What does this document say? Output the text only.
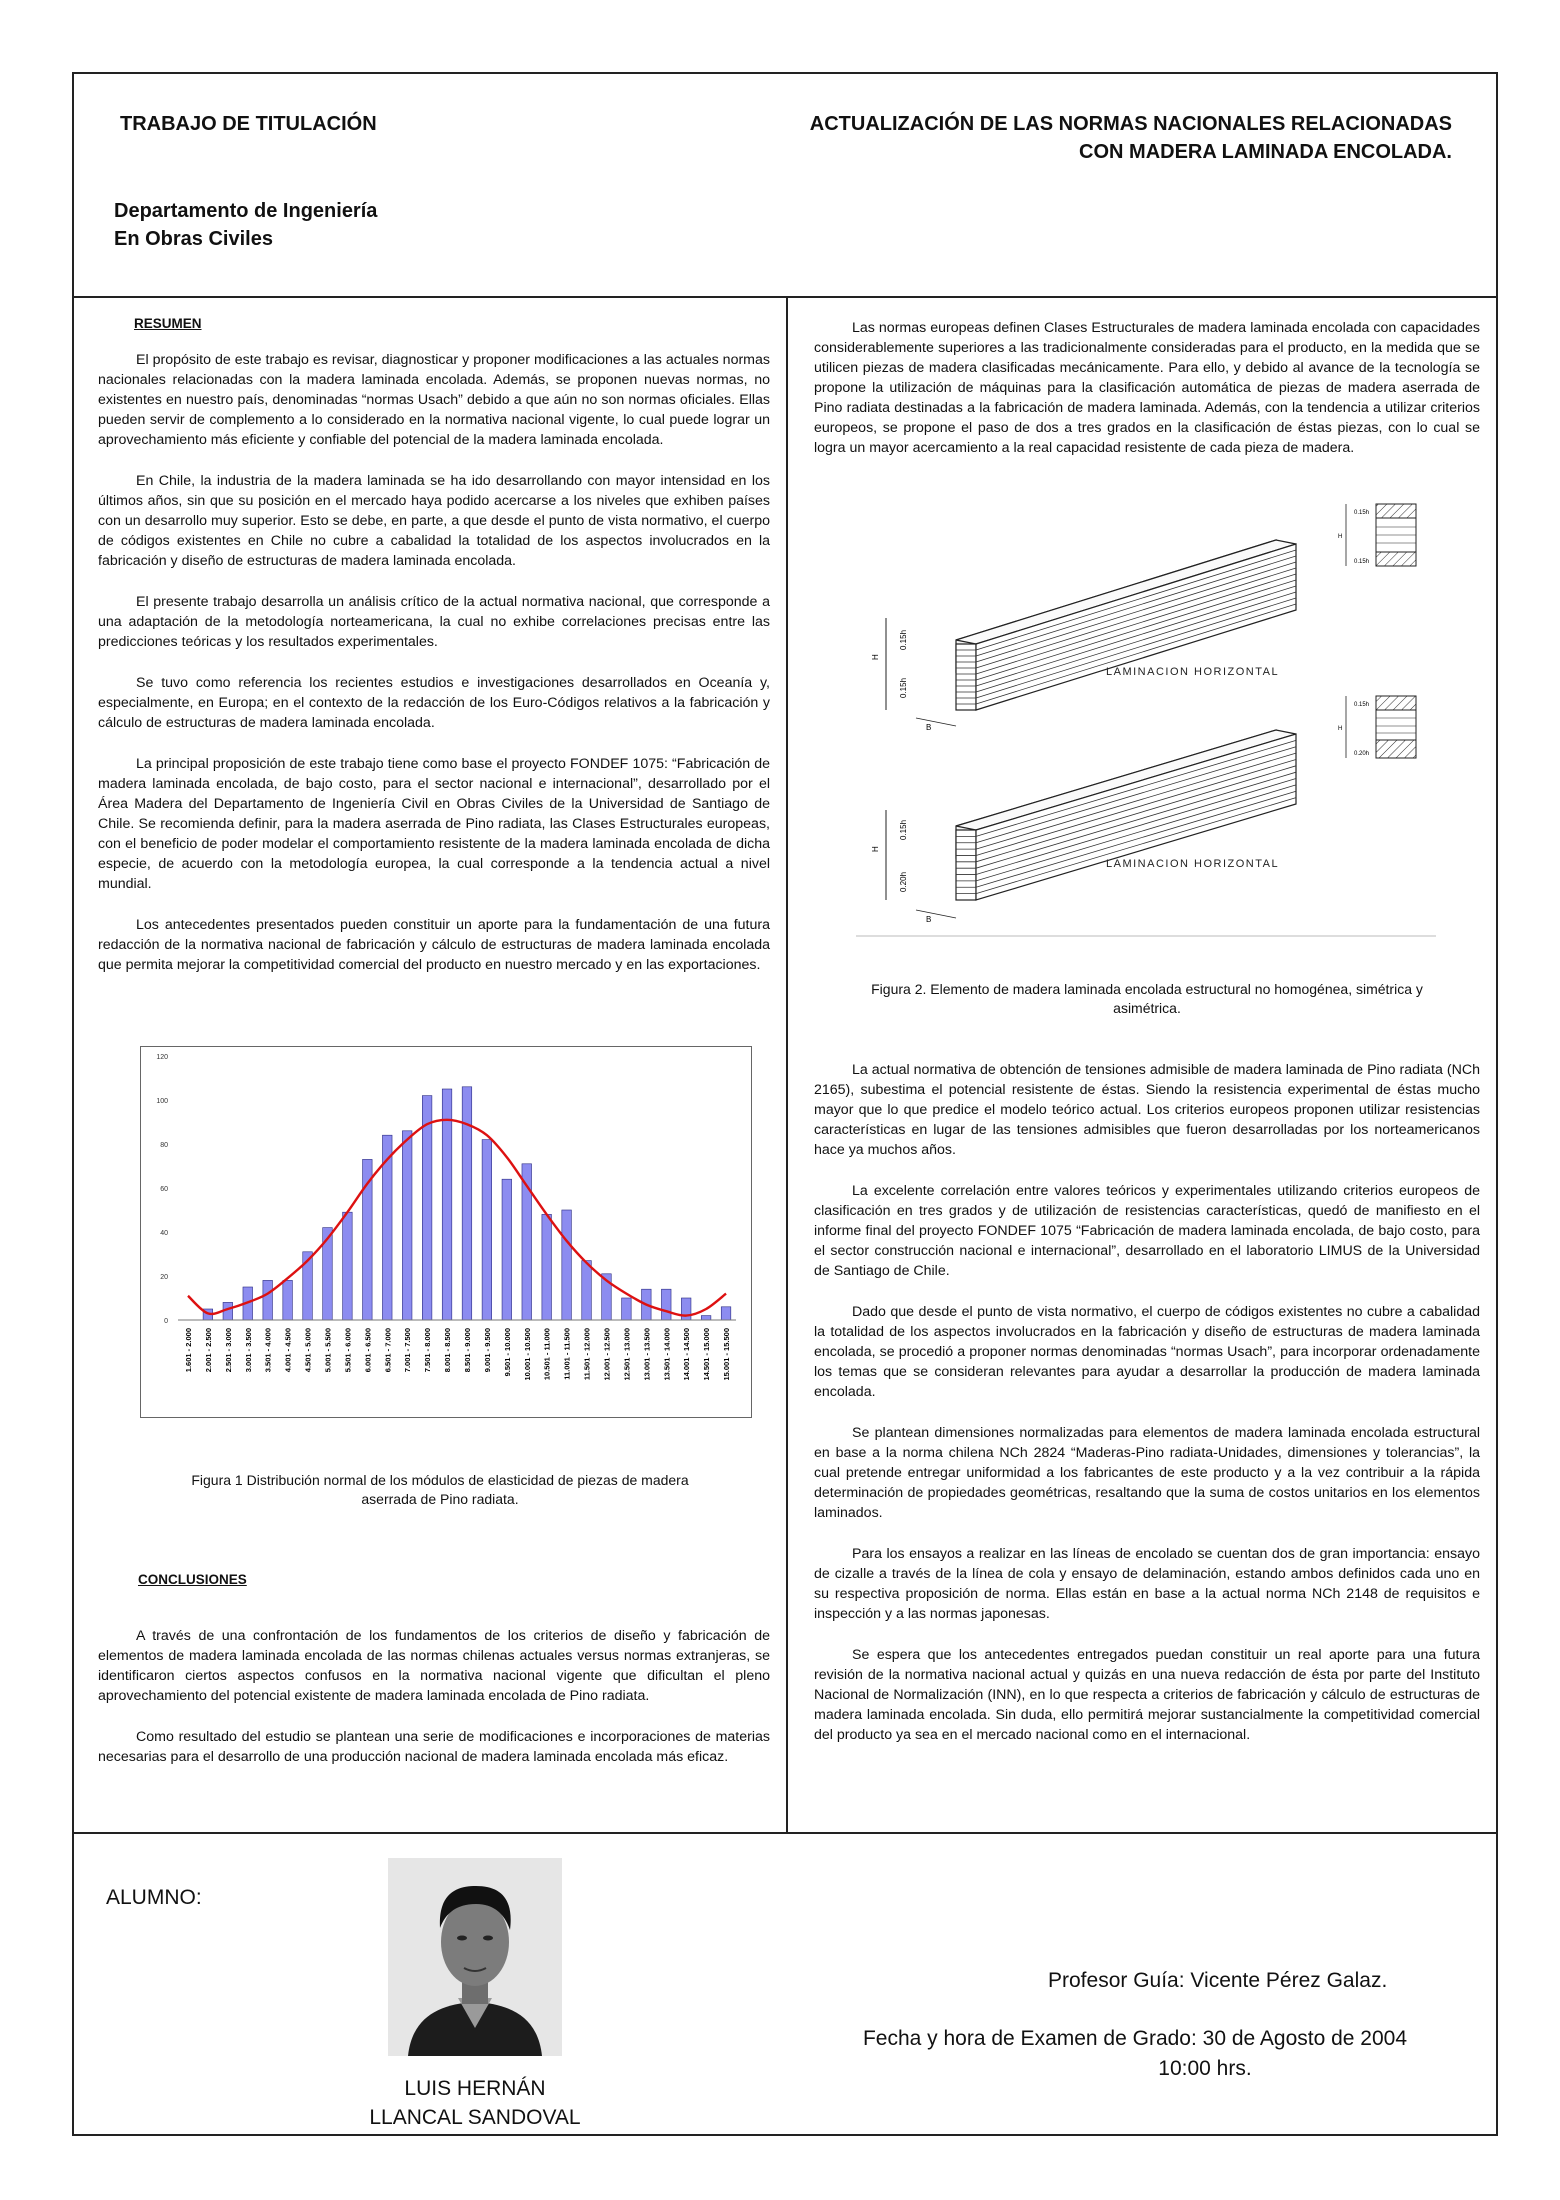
TRABAJO DE TITULACIÓN	ACTUALIZACIÓN DE LAS NORMAS NACIONALES RELACIONADAS
CON MADERA LAMINADA ENCOLADA.
Departamento de Ingeniería
En Obras Civiles
RESUMEN

El propósito de este trabajo es revisar, diagnosticar y proponer modificaciones a las actuales normas nacionales relacionadas con la madera laminada encolada. Además, se proponen nuevas normas, no existentes en nuestro país, denominadas “normas Usach” debido a que aún no son normas oficiales. Ellas pueden servir de complemento a lo considerado en la normativa nacional vigente, lo cual puede lograr un aprovechamiento más eficiente y confiable del potencial de la madera laminada encolada.

En Chile, la industria de la madera laminada se ha ido desarrollando con mayor intensidad en los últimos años, sin que su posición en el mercado haya podido acercarse a los niveles que exhiben países con un desarrollo muy superior. Esto se debe, en parte, a que desde el punto de vista normativo, el cuerpo de códigos existentes en Chile no cubre a cabalidad la totalidad de los aspectos involucrados en la fabricación y diseño de estructuras de madera laminada encolada.

El presente trabajo desarrolla un análisis crítico de la actual normativa nacional, que corresponde a una adaptación de la metodología norteamericana, la cual no exhibe correlaciones precisas entre las predicciones teóricas y los resultados experimentales.

Se tuvo como referencia los recientes estudios e investigaciones desarrollados en Oceanía y, especialmente, en Europa; en el contexto de la redacción de los Euro-Códigos relativos a la fabricación y cálculo de estructuras de madera laminada encolada.

La principal proposición de este trabajo tiene como base el proyecto FONDEF 1075: “Fabricación de madera laminada encolada, de bajo costo, para el sector nacional e internacional”, desarrollado por el Área Madera del Departamento de Ingeniería Civil en Obras Civiles de la Universidad de Santiago de Chile. Se recomienda definir, para la madera aserrada de Pino radiata, las Clases Estructurales europeas, con el beneficio de poder modelar el comportamiento resistente de la madera laminada encolada de dicha especie, de acuerdo con la metodología europea, la cual corresponde a la tendencia actual a nivel mundial.

Los antecedentes presentados pueden constituir un aporte para la fundamentación de una futura redacción de la normativa nacional de fabricación y cálculo de estructuras de madera laminada encolada que permita mejorar la competitividad comercial del producto en nuestro mercado y en las exportaciones.

0
20
40
60
80
100
120
1.601 - 2.000 2.001 - 2.500 2.501 - 3.000 3.001 - 3.500 3.501 - 4.000 4.001 - 4.500 4.501 - 5.000 5.001 - 5.500 5.501 - 6.000 6.001 - 6.500 6.501 - 7.000 7.001 - 7.500 7.501 - 8.000 8.001 - 8.500 8.501 - 9.000 9.001 - 9.500 9.501 - 10.000 10.001 - 10.500 10.501 - 11.000 11.001 - 11.500 11.501 - 12.000 12.001 - 12.500 12.501 - 13.000 13.001 - 13.500 13.501 - 14.000 14.001 - 14.500 14.501 - 15.000 15.001 - 15.500
Figura 1 Distribución normal de los módulos de elasticidad de piezas de madera
aserrada de Pino radiata.
CONCLUSIONES

A través de una confrontación de los fundamentos de los criterios de diseño y fabricación de elementos de madera laminada encolada de las normas chilenas actuales versus normas extranjeras, se identificaron ciertos aspectos confusos en la normativa nacional vigente que dificultan el pleno aprovechamiento del potencial existente de madera laminada encolada de Pino radiata.

Como resultado del estudio se plantean una serie de modificaciones e incorporaciones de materias necesarias para el desarrollo de una producción nacional de madera laminada encolada más eficaz.

Las normas europeas definen Clases Estructurales de madera laminada encolada con capacidades considerablemente superiores a las tradicionalmente consideradas para el producto, en la medida que se utilicen piezas de madera clasificadas mecánicamente. Para ello, y debido al avance de la tecnología se propone la utilización de máquinas para la clasificación automática de piezas de madera aserrada de Pino radiata destinadas a la fabricación de madera laminada. Además, con la tendencia a utilizar criterios europeos, se propone el paso de dos a tres grados en la clasificación de éstas piezas, con lo cual se logra un mayor acercamiento a la real capacidad resistente de cada pieza de madera.

LAMINACION HORIZONTAL
H
0.15h
0.15h
B
0.15h
0.15h
H
LAMINACION HORIZONTAL
H
0.15h
0.20h
B
0.15h
0.20h
H
Figura 2. Elemento de madera laminada encolada estructural no homogénea, simétrica y
asimétrica.

La actual normativa de obtención de tensiones admisible de madera laminada de Pino radiata (NCh 2165), subestima el potencial resistente de éstas. Siendo la resistencia experimental de éstas mucho mayor que lo que predice el modelo teórico actual. Los criterios europeos proponen utilizar resistencias características en lugar de las tensiones admisibles que fueron desarrolladas por los norteamericanos hace ya muchos años.

La excelente correlación entre valores teóricos y experimentales utilizando criterios europeos de clasificación en tres grados y de utilización de resistencias características, quedó de manifiesto en el informe final del proyecto FONDEF 1075 “Fabricación de madera laminada encolada, de bajo costo, para el sector construcción nacional e internacional”, desarrollado en el laboratorio LIMUS de la Universidad de Santiago de Chile.

Dado que desde el punto de vista normativo, el cuerpo de códigos existentes no cubre a cabalidad la totalidad de los aspectos involucrados en la fabricación y diseño de estructuras de madera laminada encolada, se procedió a proponer normas denominadas “normas Usach”, para incorporar ordenadamente los temas que se consideran relevantes para ayudar a desarrollar la producción de madera laminada encolada.

Se plantean dimensiones normalizadas para elementos de madera laminada encolada estructural en base a la norma chilena NCh 2824 “Maderas-Pino radiata-Unidades, dimensiones y tolerancias”, la cual pretende entregar uniformidad a los fabricantes de este producto y a la vez contribuir a la rápida determinación de propiedades geométricas, resaltando que la suma de costos unitarios en los elementos laminados.

Para los ensayos a realizar en las líneas de encolado se cuentan dos de gran importancia: ensayo de cizalle a través de la línea de cola y ensayo de delaminación, estando ambos definidos cada uno en su respectiva proposición de norma. Ellas están en base a la actual norma NCh 2148 de requisitos e inspección y a las normas japonesas.

Se espera que los antecedentes entregados puedan constituir un real aporte para una futura revisión de la normativa nacional actual y quizás en una nueva redacción de ésta por parte del Instituto Nacional de Normalización (INN), en lo que respecta a criterios de fabricación y cálculo de estructuras de madera laminada encolada. Sin duda, ello permitirá mejorar sustancialmente la competitividad comercial del producto ya sea en el mercado nacional como en el internacional.

ALUMNO:
LUIS HERNÁN
LLANCAL SANDOVAL
Profesor Guía: Vicente Pérez Galaz.
Fecha y hora de Examen de Grado: 30 de Agosto de 2004
10:00 hrs.
